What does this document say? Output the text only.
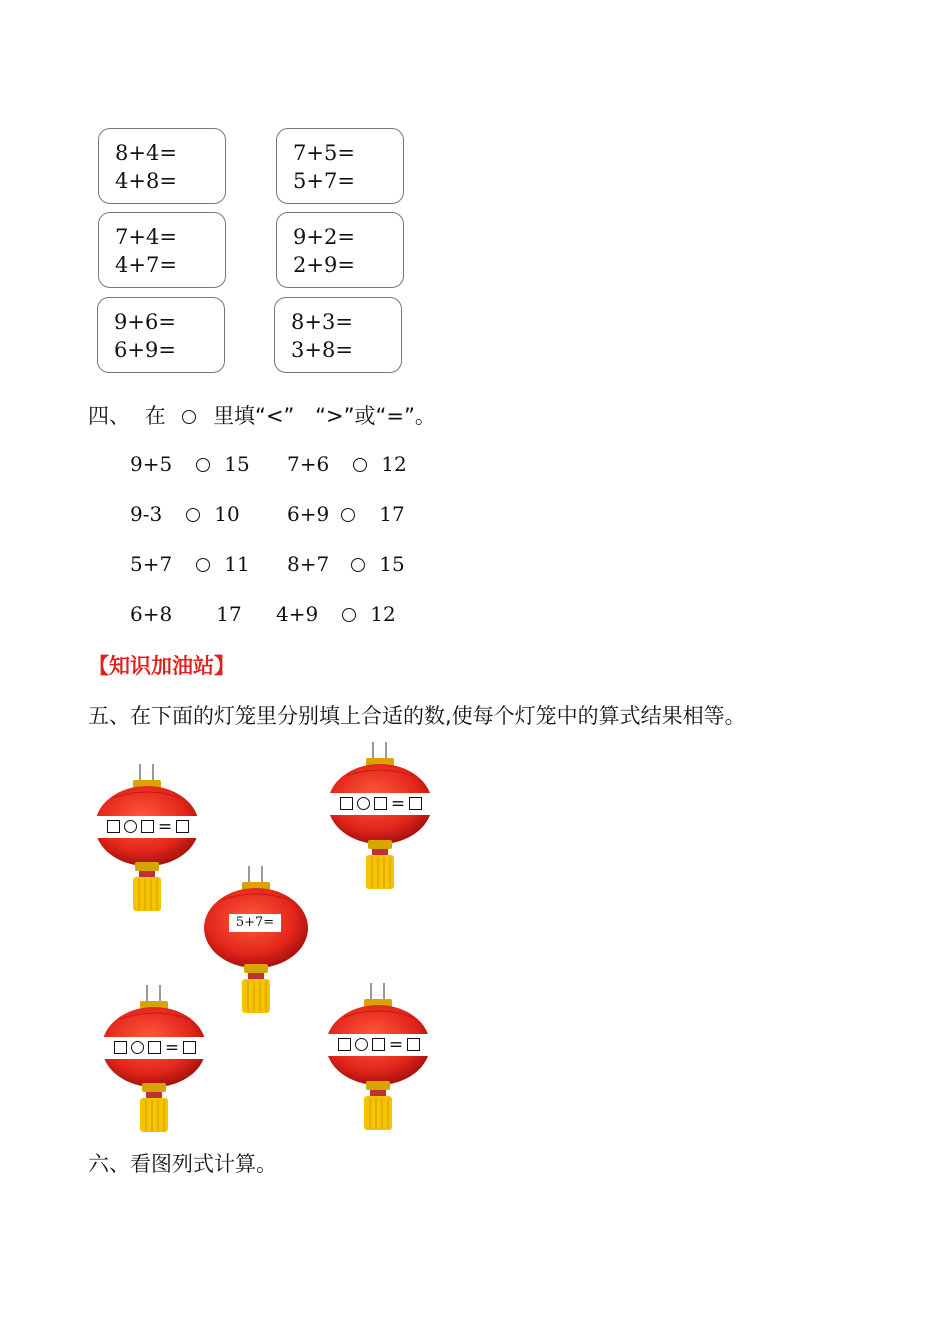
8+4=
4+8=
7+5=
5+7=
7+4=
4+7=
9+2=
2+9=
9+6=
6+9=
8+3=
3+8=
四、 在 里填“<” “>”或“=”。
9+5	15 7+6	12
9-3	10 6+9	17
5+7	11 8+7	15
6+8 17 4+9	12
【知识加油站】
五、在下面的灯笼里分别填上合适的数,使每个灯笼中的算式结果相等。
=
=
5+7=
=	=
六、看图列式计算。
